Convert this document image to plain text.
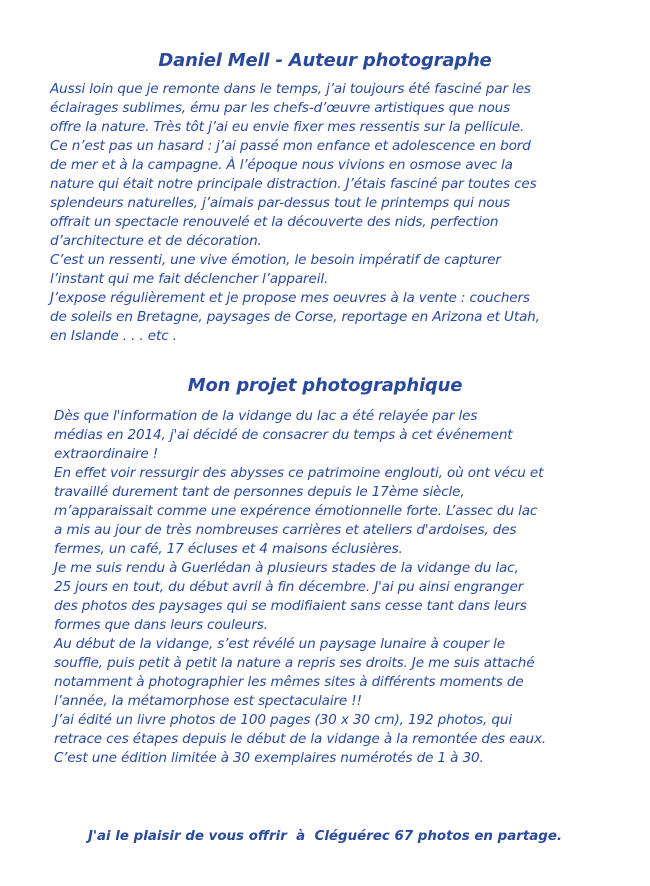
Daniel Mell - Auteur photographe
Aussi loin que je remonte dans le temps, j’ai toujours été fasciné par les
éclairages sublimes, ému par les chefs-d’œuvre artistiques que nous
offre la nature. Très tôt j’ai eu envie fixer mes ressentis sur la pellicule.
Ce n’est pas un hasard : j’ai passé mon enfance et adolescence en bord
de mer et à la campagne. À l’époque nous vivions en osmose avec la
nature qui était notre principale distraction. J’étais fasciné par toutes ces
splendeurs naturelles, j’aimais par-dessus tout le printemps qui nous
offrait un spectacle renouvelé et la découverte des nids, perfection
d’architecture et de décoration.
C’est un ressenti, une vive émotion, le besoin impératif de capturer
l’instant qui me fait déclencher l’appareil.
J’expose régulièrement et je propose mes oeuvres à la vente : couchers
de soleils en Bretagne, paysages de Corse, reportage en Arizona et Utah,
en Islande . . . etc .
Mon projet photographique
Dès que l'information de la vidange du lac a été relayée par les
médias en 2014, j'ai décidé de consacrer du temps à cet événement
extraordinaire !
En effet voir ressurgir des abysses ce patrimoine englouti, où ont vécu et
travaillé durement tant de personnes depuis le 17ème siècle,
m’apparaissait comme une expérence émotionnelle forte. L’assec du lac
a mis au jour de très nombreuses carrières et ateliers d'ardoises, des
fermes, un café, 17 écluses et 4 maisons éclusières.
Je me suis rendu à Guerlédan à plusieurs stades de la vidange du lac,
25 jours en tout, du début avril à fin décembre. J'ai pu ainsi engranger
des photos des paysages qui se modifiaient sans cesse tant dans leurs
formes que dans leurs couleurs.
Au début de la vidange, s’est révélé un paysage lunaire à couper le
souffle, puis petit à petit la nature a repris ses droits. Je me suis attaché
notamment à photographier les mêmes sites à différents moments de
l’année, la métamorphose est spectaculaire !!
J’ai édité un livre photos de 100 pages (30 x 30 cm), 192 photos, qui
retrace ces étapes depuis le début de la vidange à la remontée des eaux.
C’est une édition limitée à 30 exemplaires numérotés de 1 à 30.

J'ai le plaisir de vous offrir  à  Cléguérec 67 photos en partage.
